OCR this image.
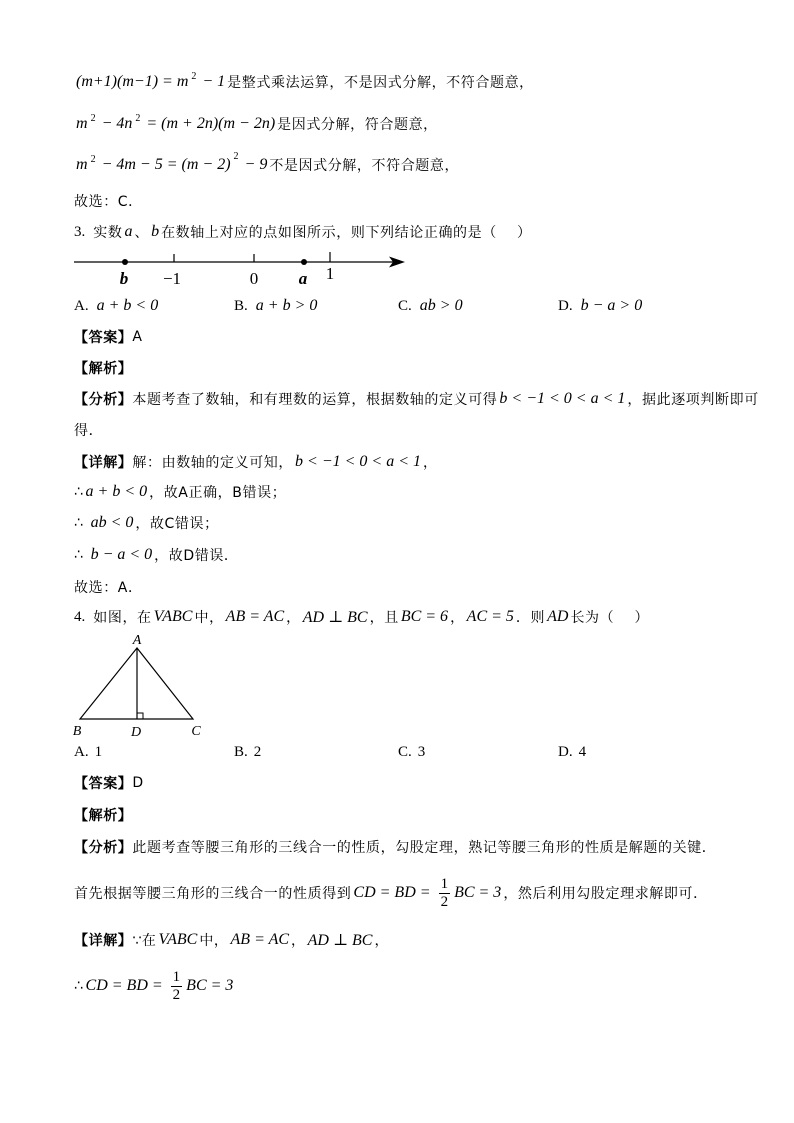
(m+1)(m−1) = m 2 − 1 是整式乘法运算，不是因式分解，不符合题意，
m 2 − 4n 2 = (m + 2n)(m − 2n) 是因式分解，符合题意，
m 2 − 4m − 5 = (m − 2) 2 − 9 不是因式分解，不符合题意，
故选：C．
3. 实数 a 、 b 在数轴上对应的点如图所示，则下列结论正确的是（    ）
b −1	0 a 1
A. a + b < 0	B. a + b > 0	C. ab > 0	D. b − a > 0
【答案】 A
【解析】
【分析】 本题考查了数轴，和有理数的运算，根据数轴的定义可得 b < −1 < 0 < a < 1 ，据此逐项判断即可
得．
【详解】 解：由数轴的定义可知， b < −1 < 0 < a < 1 ，
∴ a + b < 0 ，故A正确，B错误；
∴ ab < 0 ，故C错误；
∴ b − a < 0 ，故D错误．
故选：A．
4. 如图，在 VABC 中， AB = AC ， AD ⊥ BC ，且 BC = 6 ， AC = 5 ．则 AD 长为（    ）
A
B	D	C
A. 1	B. 2	C. 3	D. 4
【答案】 D
【解析】
【分析】 此题考查等腰三角形的三线合一的性质，勾股定理，熟记等腰三角形的性质是解题的关键．
首先根据等腰三角形的三线合一的性质得到 CD = BD = $\frac{1}{2}$ BC = 3 ，然后利用勾股定理求解即可．
【详解】 ∵在 VABC 中， AB = AC ， AD ⊥ BC ，
∴ CD = BD = $\frac{1}{2}$ BC = 3
